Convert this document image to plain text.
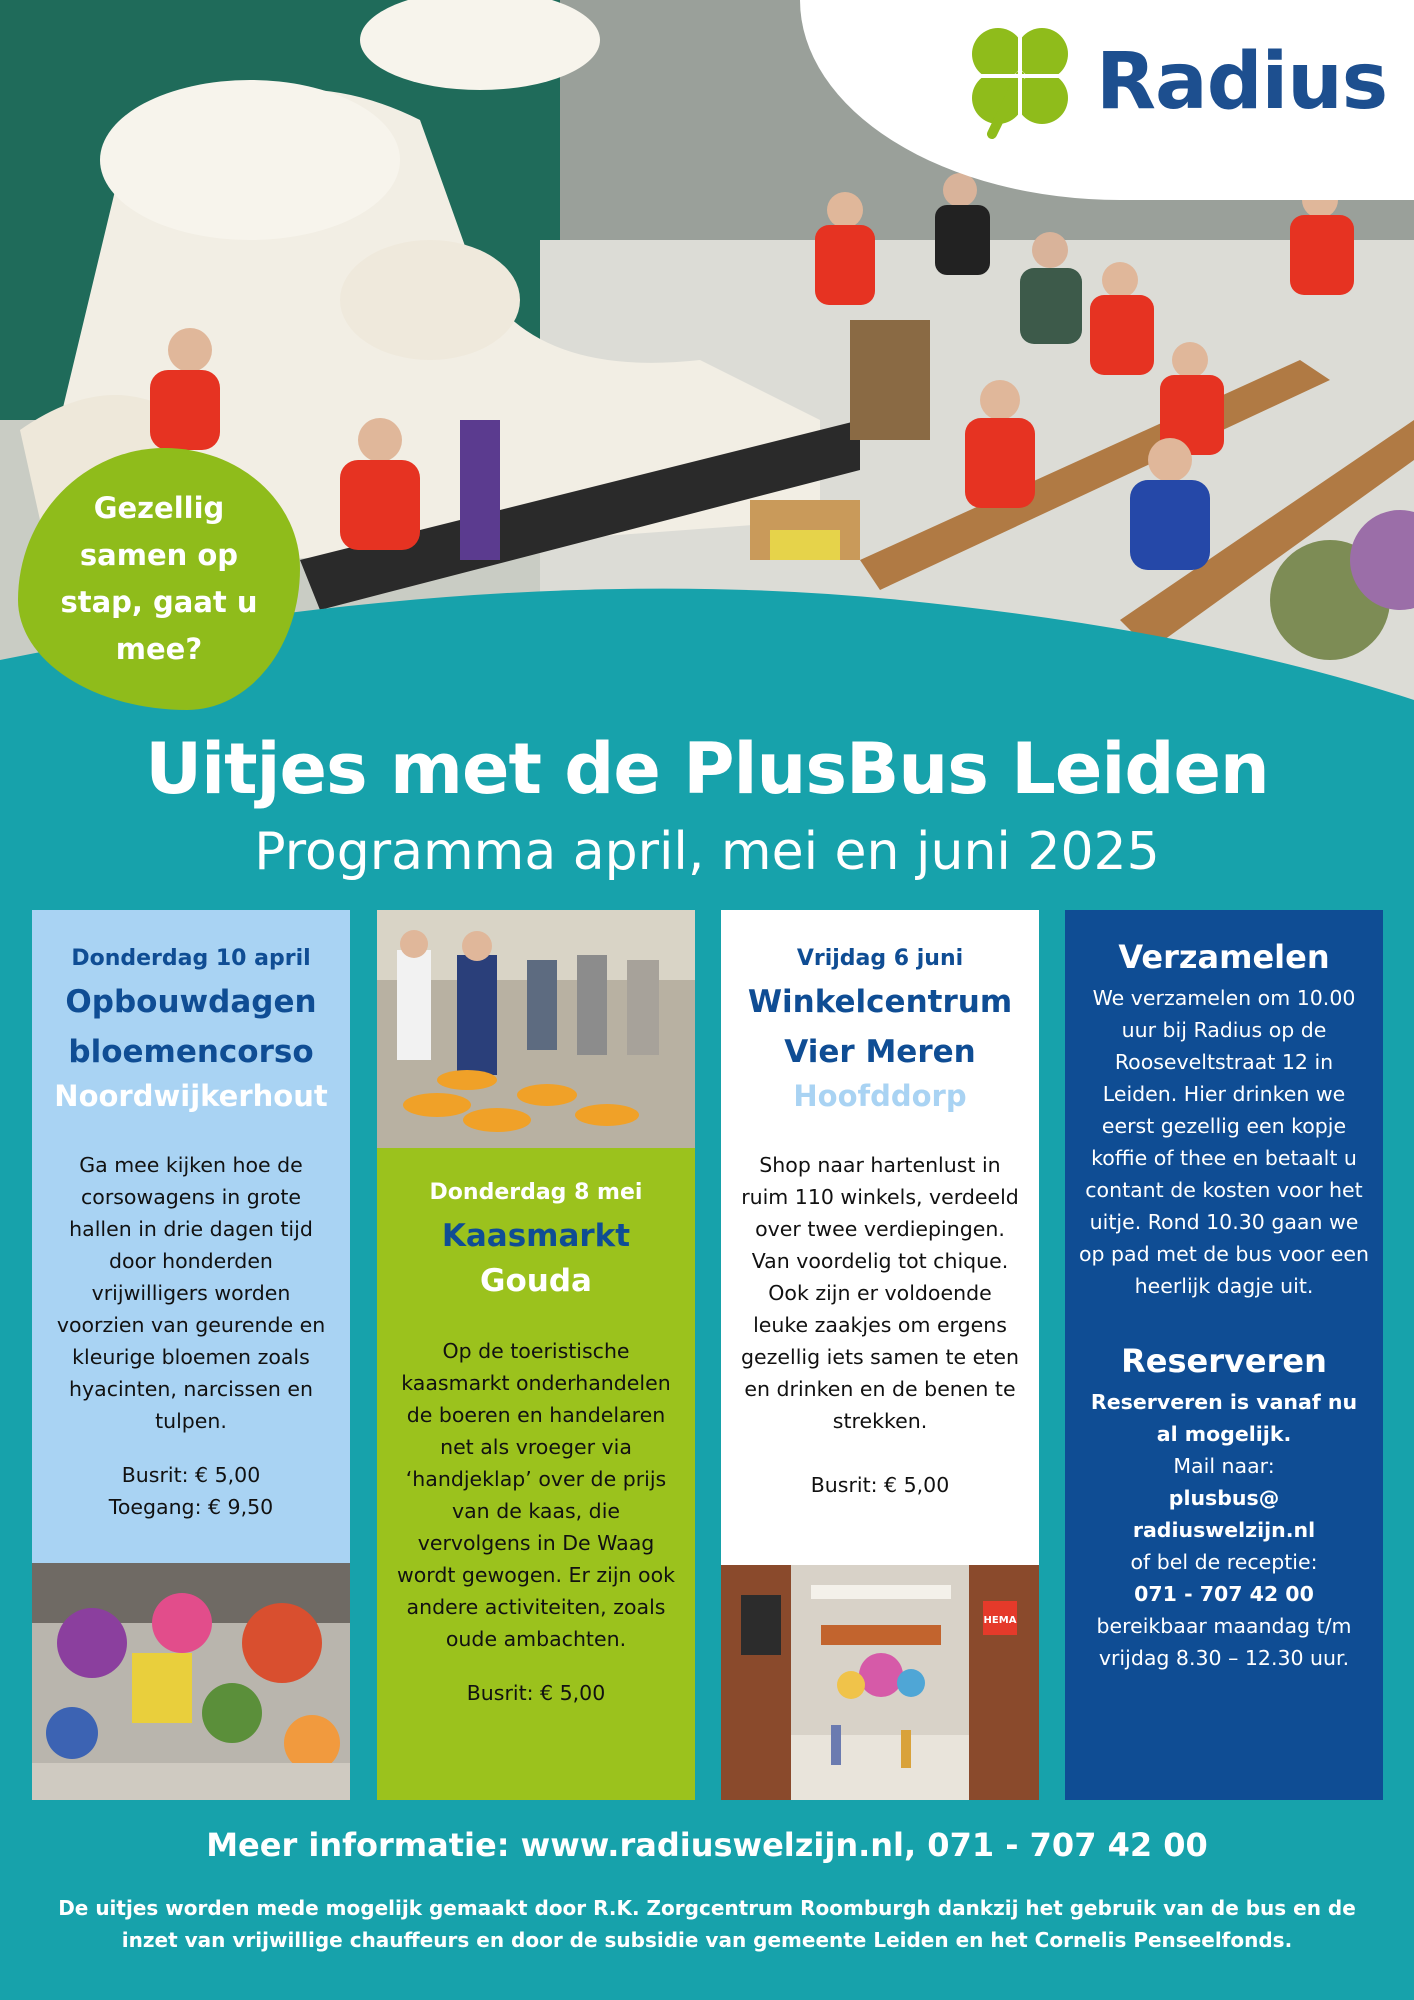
Radius
Gezellig samen op stap, gaat u mee?
Uitjes met de PlusBus Leiden
Programma april, mei en juni 2025
Donderdag 10 april
Opbouwdagen
bloemencorso
Noordwijkerhout
Ga mee kijken hoe de corsowagens in grote hallen in drie dagen tijd door honderden vrijwilligers worden voorzien van geurende en kleurige bloemen zoals hyacinten, narcissen en tulpen.
Busrit: € 5,00
Toegang: € 9,50
Donderdag 8 mei
Kaasmarkt
Gouda
Op de toeristische kaasmarkt onderhandelen de boeren en handelaren net als vroeger via ‘handjeklap’ over de prijs van de kaas, die vervolgens in De Waag wordt gewogen. Er zijn ook andere activiteiten, zoals oude ambachten.
Busrit: € 5,00
Vrijdag 6 juni
Winkelcentrum
Vier Meren
Hoofddorp
Shop naar hartenlust in ruim 110 winkels, verdeeld over twee verdiepingen. Van voordelig tot chique. Ook zijn er voldoende leuke zaakjes om ergens gezellig iets samen te eten en drinken en de benen te strekken.
Busrit: € 5,00
HEMA
Verzamelen
We verzamelen om 10.00 uur bij Radius op de Rooseveltstraat 12 in Leiden. Hier drinken we eerst gezellig een kopje koffie of thee en betaalt u contant de kosten voor het uitje. Rond 10.30 gaan we op pad met de bus voor een heerlijk dagje uit.
Reserveren
Reserveren is vanaf nu al mogelijk.
Mail naar:
plusbus@
radiuswelzijn.nl
of bel de receptie:
071 - 707 42 00
bereikbaar maandag t/m vrijdag 8.30 – 12.30 uur.
Meer informatie: www.radiuswelzijn.nl, 071 - 707 42 00
De uitjes worden mede mogelijk gemaakt door R.K. Zorgcentrum Roomburgh dankzij het gebruik van de bus en de inzet van vrijwillige chauffeurs en door de subsidie van gemeente Leiden en het Cornelis Penseelfonds.
